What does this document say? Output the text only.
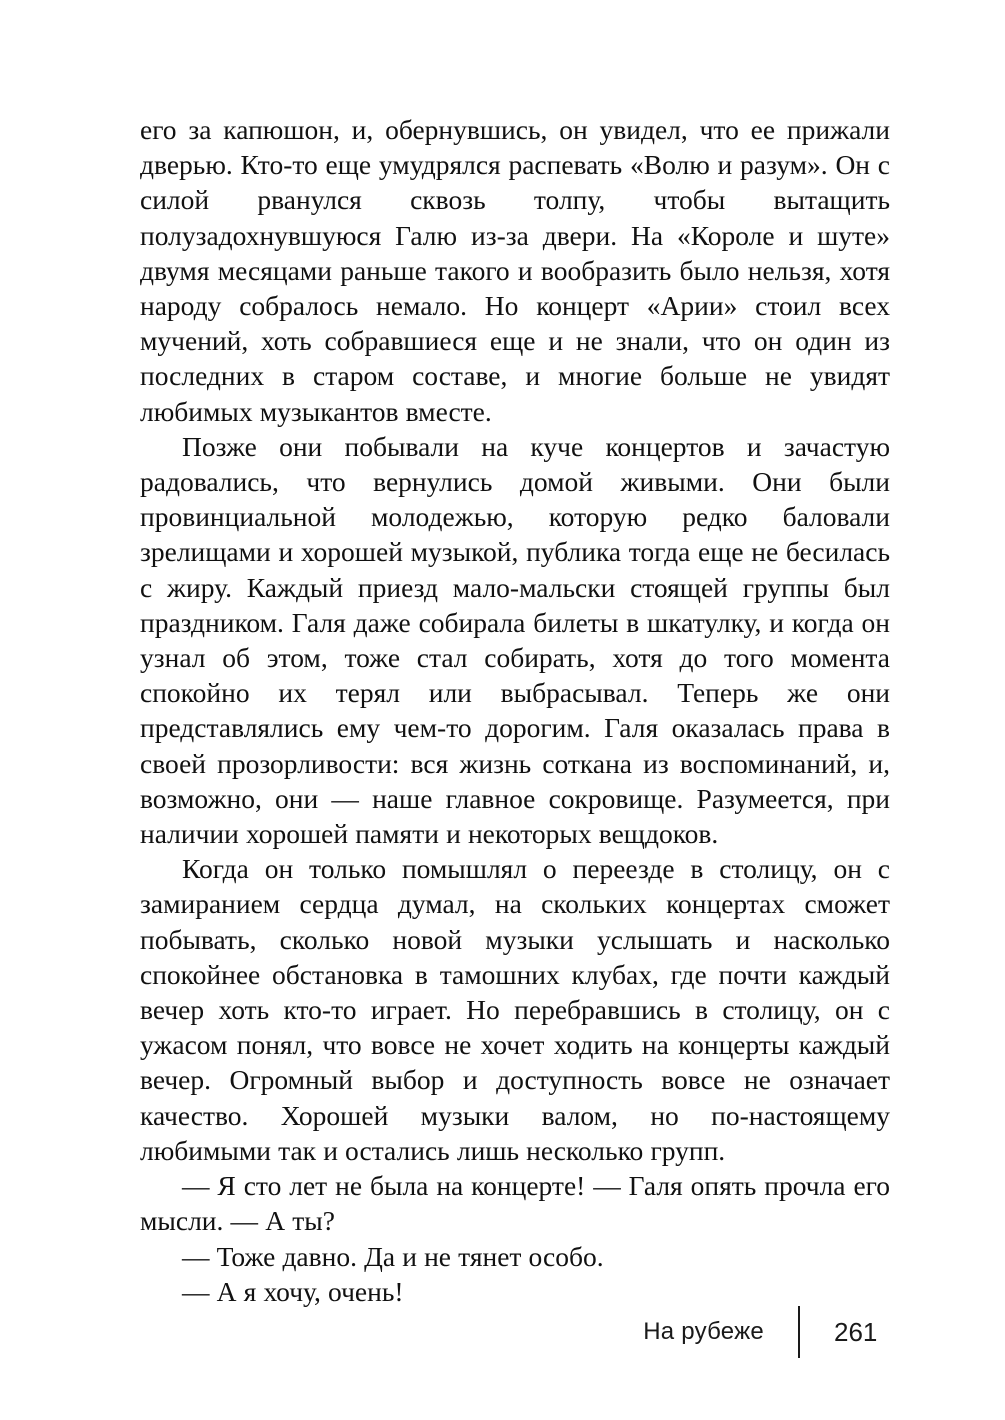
его за капюшон, и, обернувшись, он увидел, что ее прижали дверью. Кто-то еще умудрялся распевать «Волю и разум». Он с силой рванулся сквозь толпу, чтобы вытащить полузадохнувшуюся Галю из-за двери. На «Короле и шуте» двумя месяцами раньше такого и вообразить было нельзя, хотя народу собралось немало. Но концерт «Арии» стоил всех мучений, хоть собравшиеся еще и не знали, что он один из последних в старом составе, и многие больше не увидят любимых музыкантов вместе.

Позже они побывали на куче концертов и зачастую радовались, что вернулись домой живыми. Они были провинциальной молодежью, которую редко баловали зрелищами и хорошей музыкой, публика тогда еще не бесилась с жиру. Каждый приезд мало-мальски стоящей группы был праздником. Галя даже собирала билеты в шкатулку, и когда он узнал об этом, тоже стал собирать, хотя до того момента спокойно их терял или выбрасывал. Теперь же они представлялись ему чем-то дорогим. Галя оказалась права в своей прозорливости: вся жизнь соткана из воспоминаний, и, возможно, они — наше главное сокровище. Разумеется, при наличии хорошей памяти и некоторых вещдоков.

Когда он только помышлял о переезде в столицу, он с замиранием сердца думал, на скольких концертах сможет побывать, сколько новой музыки услышать и насколько спокойнее обстановка в тамошних клубах, где почти каждый вечер хоть кто-то играет. Но перебравшись в столицу, он с ужасом понял, что вовсе не хочет ходить на концерты каждый вечер. Огромный выбор и доступность вовсе не означает качество. Хорошей музыки валом, но по-настоящему любимыми так и остались лишь несколько групп.

— Я сто лет не была на концерте! — Галя опять прочла его мысли. — А ты?

— Тоже давно. Да и не тянет особо.

— А я хочу, очень!

На рубеже	261
